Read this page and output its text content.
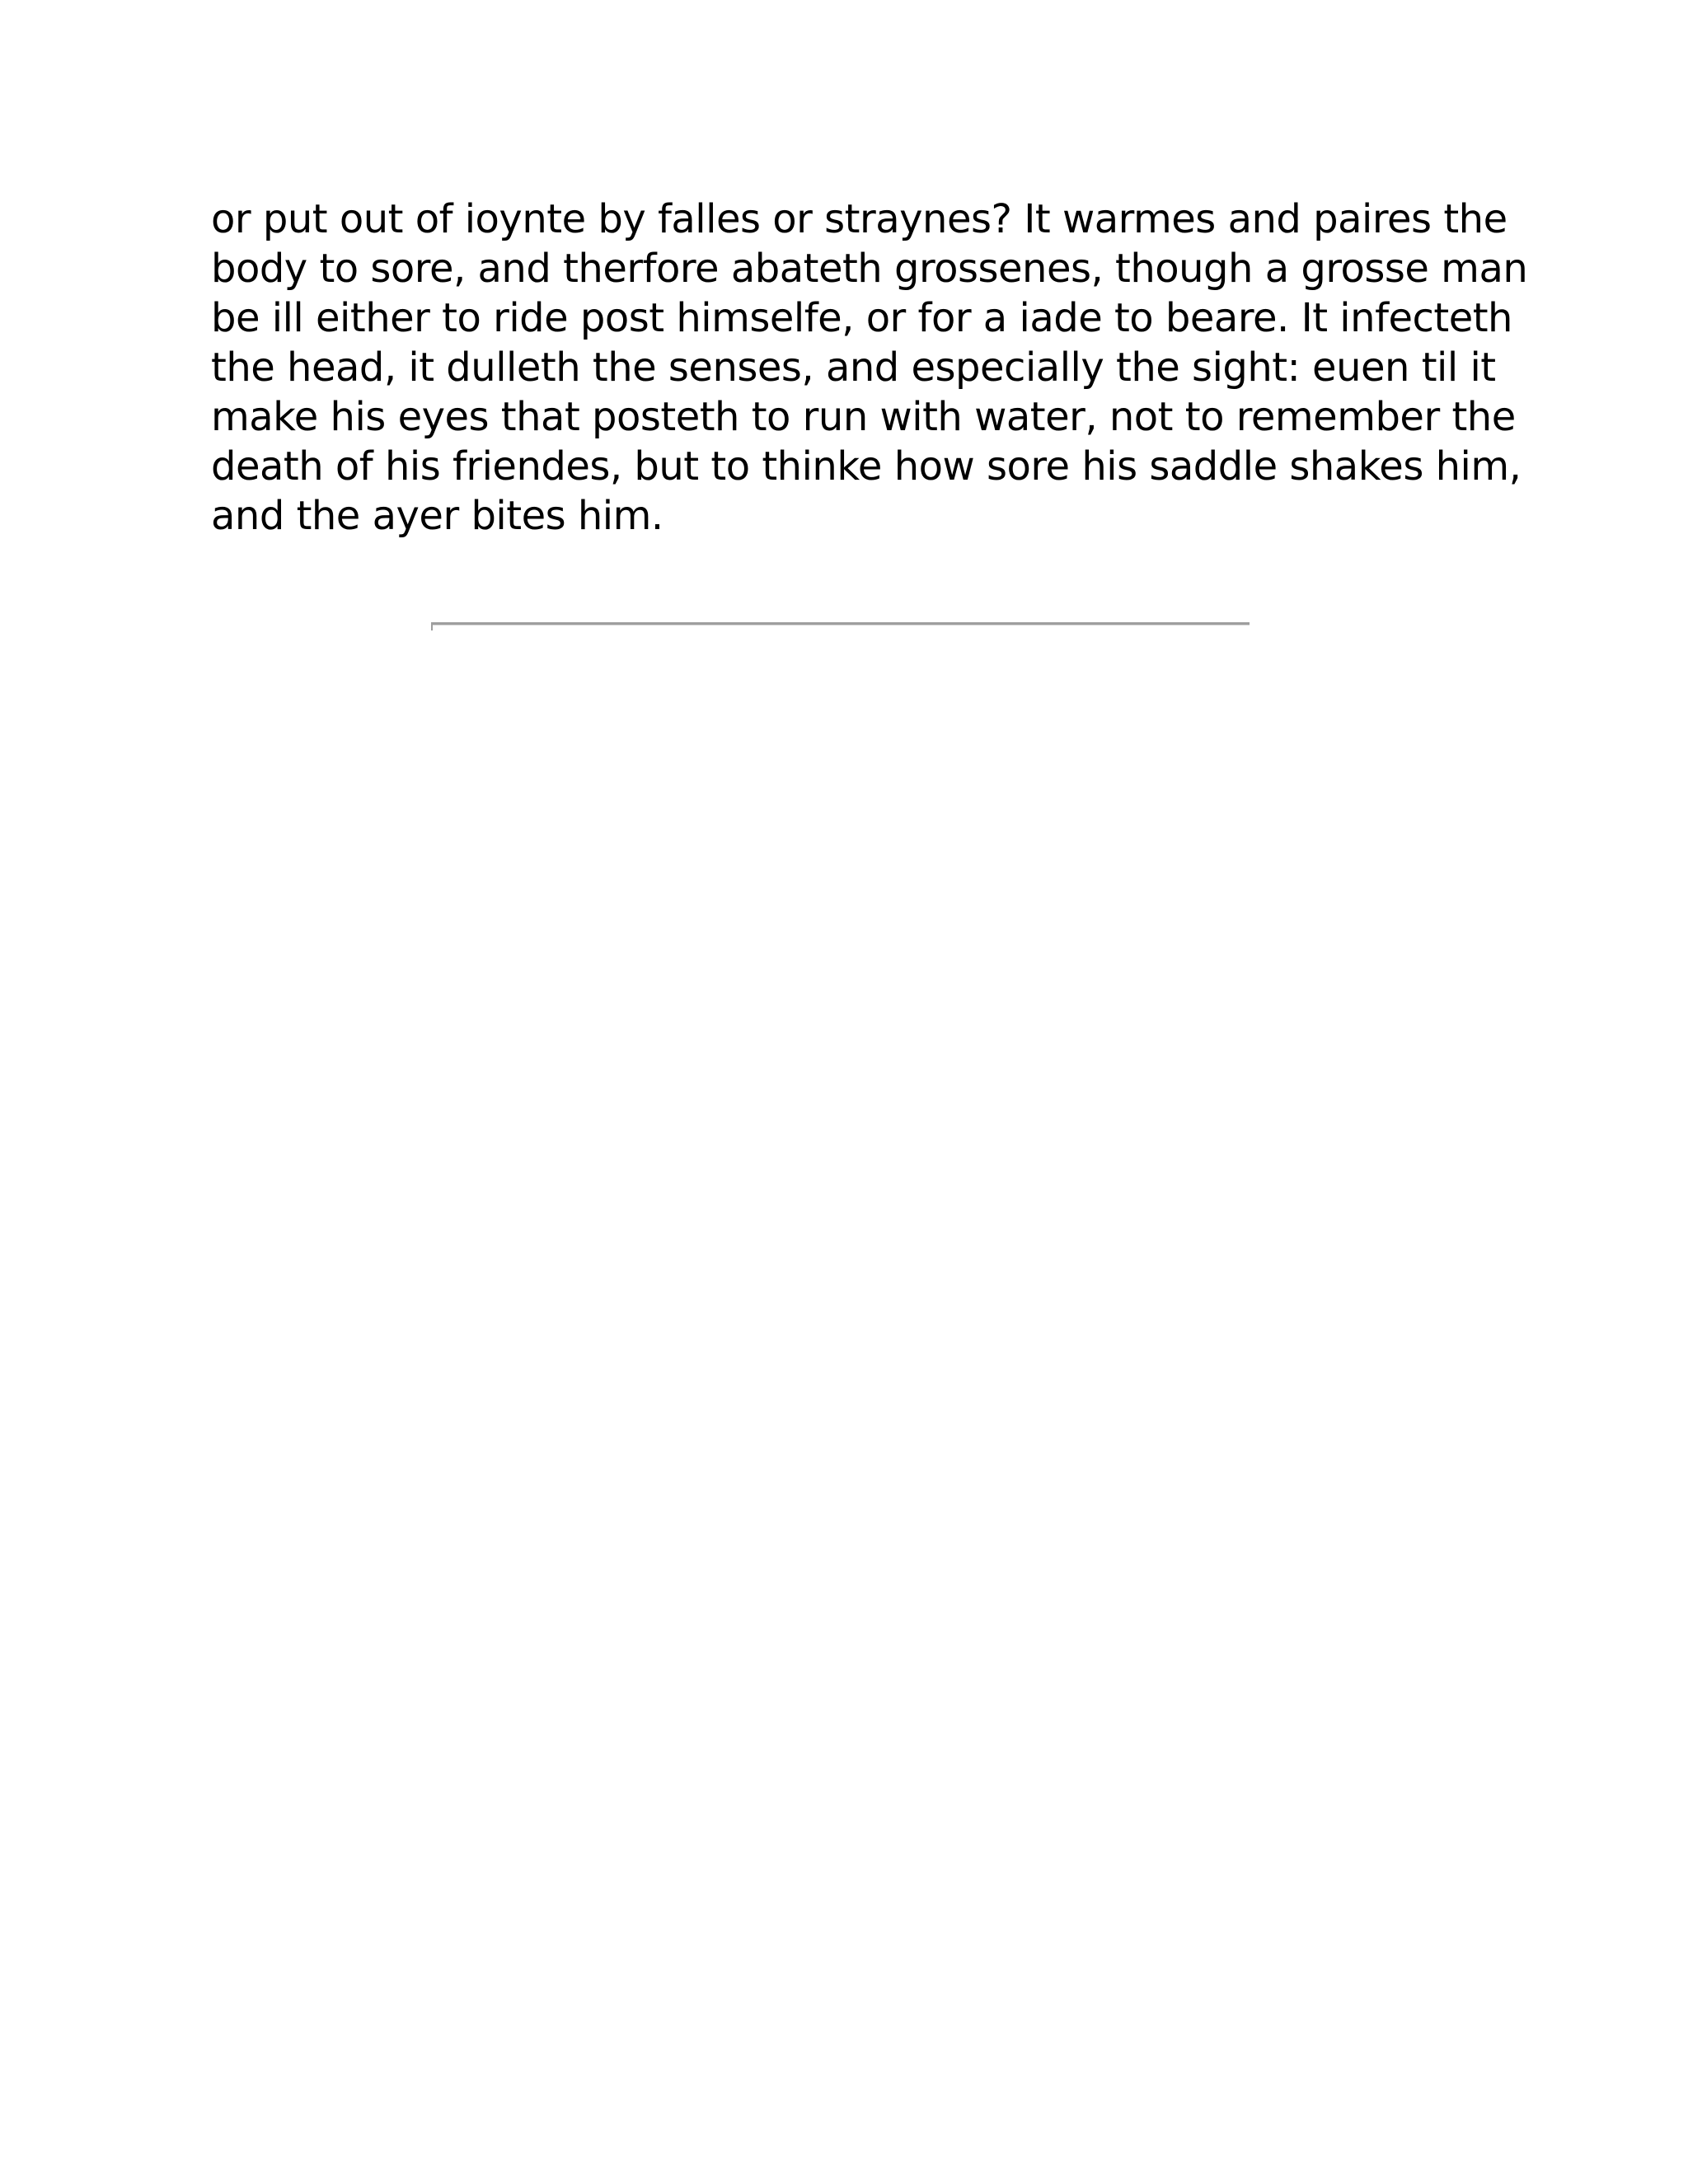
or put out of ioynte by falles or straynes? It warmes and paires the
body to sore, and therfore abateth grossenes, though a grosse man
be ill either to ride post himselfe, or for a iade to beare. It infecteth
the head, it dulleth the senses, and especially the sight: euen til it
make his eyes that posteth to run with water, not to remember the
death of his friendes, but to thinke how sore his saddle shakes him,
and the ayer bites him.
